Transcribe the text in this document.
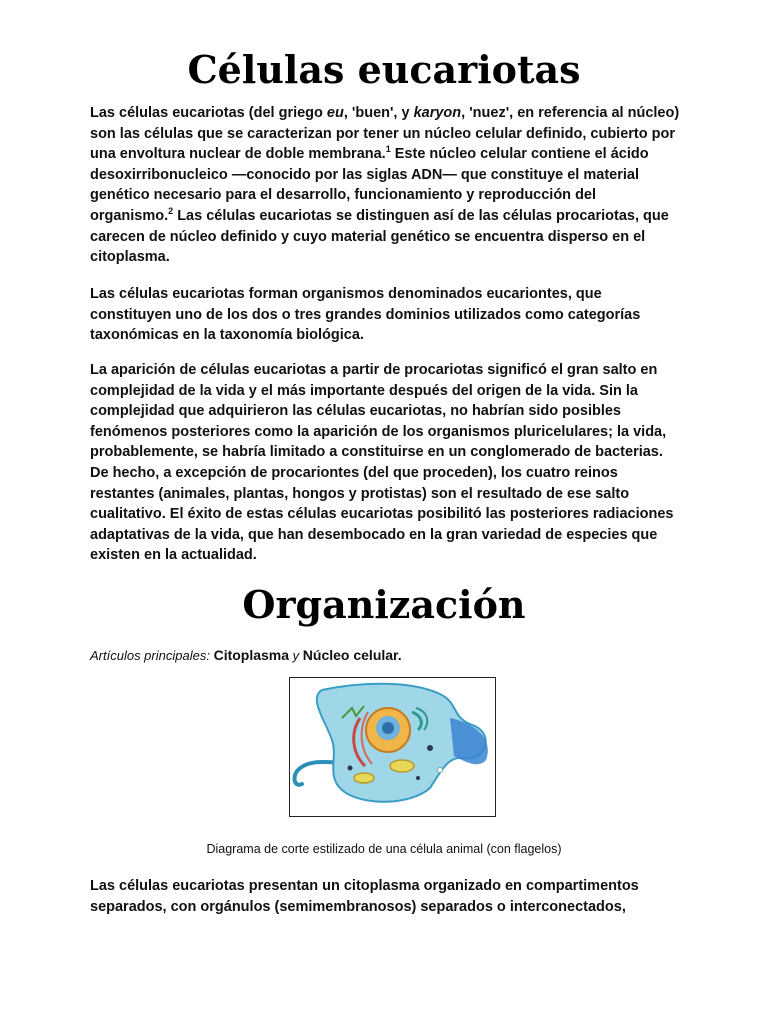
Células eucariotas

Las células eucariotas (del griego eu, 'buen', y karyon, 'nuez', en referencia al núcleo) son las células que se caracterizan por tener un núcleo celular definido, cubierto por una envoltura nuclear de doble membrana.$^1$ Este núcleo celular contiene el ácido desoxirribonucleico —conocido por las siglas ADN— que constituye el material genético necesario para el desarrollo, funcionamiento y reproducción del organismo.$^2$ Las células eucariotas se distinguen así de las células procariotas, que carecen de núcleo definido y cuyo material genético se encuentra disperso en el citoplasma.

Las células eucariotas forman organismos denominados eucariontes, que constituyen uno de los dos o tres grandes dominios utilizados como categorías taxonómicas en la taxonomía biológica.

La aparición de células eucariotas a partir de procariotas significó el gran salto en complejidad de la vida y el más importante después del origen de la vida. Sin la complejidad que adquirieron las células eucariotas, no habrían sido posibles fenómenos posteriores como la aparición de los organismos pluricelulares; la vida, probablemente, se habría limitado a constituirse en un conglomerado de bacterias. De hecho, a excepción de procariontes (del que proceden), los cuatro reinos restantes (animales, plantas, hongos y protistas) son el resultado de ese salto cualitativo. El éxito de estas células eucariotas posibilitó las posteriores radiaciones adaptativas de la vida, que han desembocado en la gran variedad de especies que existen en la actualidad.

Organización
Artículos principales: Citoplasma y Núcleo celular.
Diagrama de corte estilizado de una célula animal (con flagelos)

Las células eucariotas presentan un citoplasma organizado en compartimentos separados, con orgánulos (semimembranosos) separados o interconectados,
